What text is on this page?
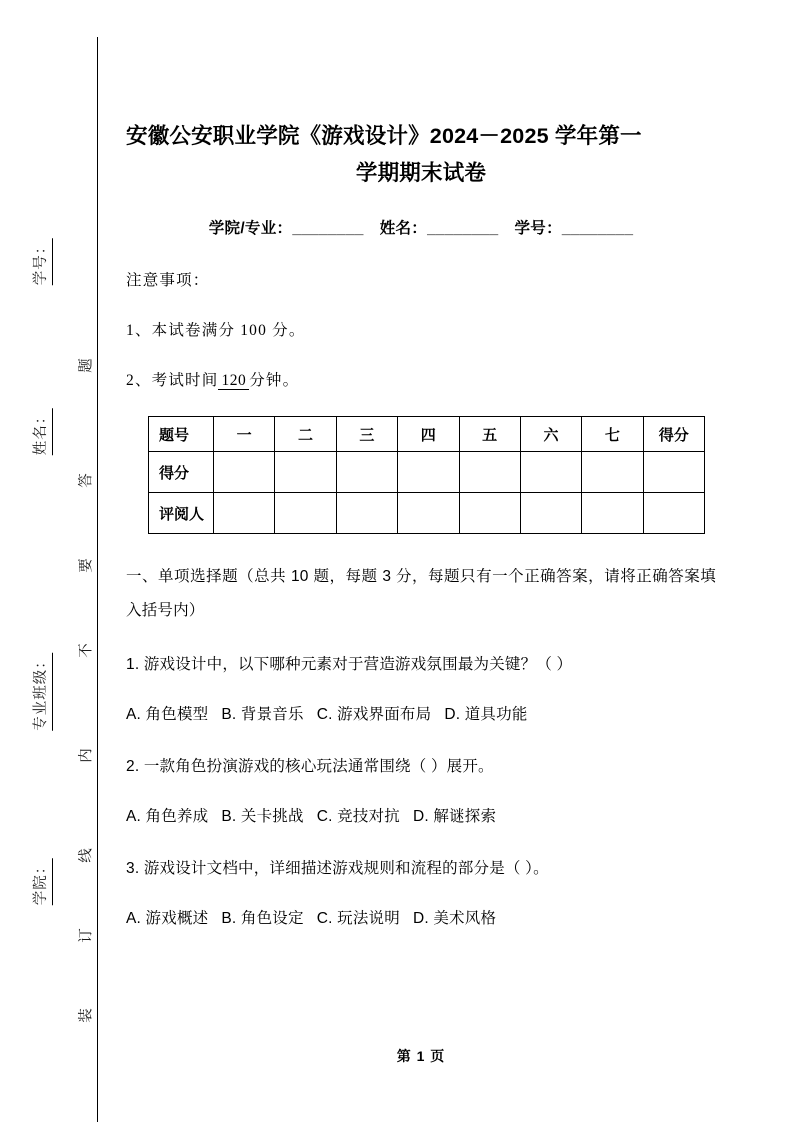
学号：
姓名：
专业班级：
学院：
题
答
要
不
内
线
订
装
安徽公安职业学院《游戏设计》2024－2025 学年第一
学期期末试卷
学院/专业：________ 姓名：________ 学号：________
注意事项：
1、本试卷满分 100 分。
2、考试时间 120 分钟。
题号	一	二	三	四	五	六	七	得分
得分								
评阅人								
一、单项选择题（总共 10 题，每题 3 分，每题只有一个正确答案，请将正确答案填入括号内）
1. 游戏设计中，以下哪种元素对于营造游戏氛围最为关键？（ ）
A. 角色模型 B. 背景音乐 C. 游戏界面布局 D. 道具功能
2. 一款角色扮演游戏的核心玩法通常围绕（ ）展开。
A. 角色养成 B. 关卡挑战 C. 竞技对抗 D. 解谜探索
3. 游戏设计文档中，详细描述游戏规则和流程的部分是（ ）。
A. 游戏概述 B. 角色设定 C. 玩法说明 D. 美术风格
第 1 页
